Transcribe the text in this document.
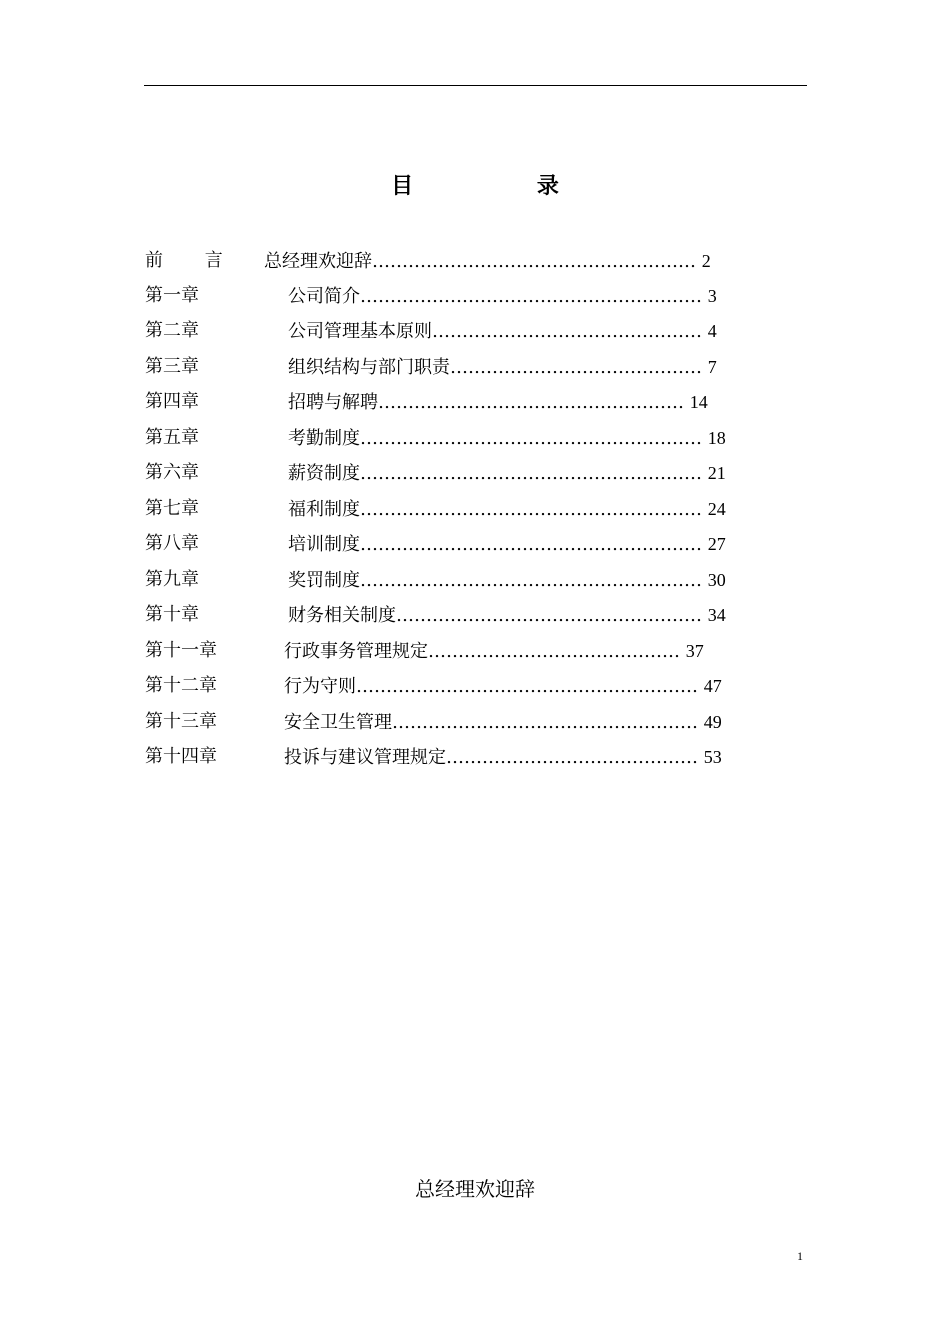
目 录
前 言 总经理欢迎辞……………………………………………… 2
第一章	公司简介………………………………………………… 3
第二章	公司管理基本原则……………………………………… 4
第三章	组织结构与部门职责…………………………………… 7
第四章	招聘与解聘…………………………………………… 14
第五章	考勤制度………………………………………………… 18
第六章	薪资制度………………………………………………… 21
第七章	福利制度………………………………………………… 24
第八章	培训制度………………………………………………… 27
第九章	奖罚制度………………………………………………… 30
第十章	财务相关制度…………………………………………… 34
第十一章	行政事务管理规定…………………………………… 37
第十二章	行为守则………………………………………………… 47
第十三章	安全卫生管理…………………………………………… 49
第十四章	投诉与建议管理规定…………………………………… 53
总经理欢迎辞
1
